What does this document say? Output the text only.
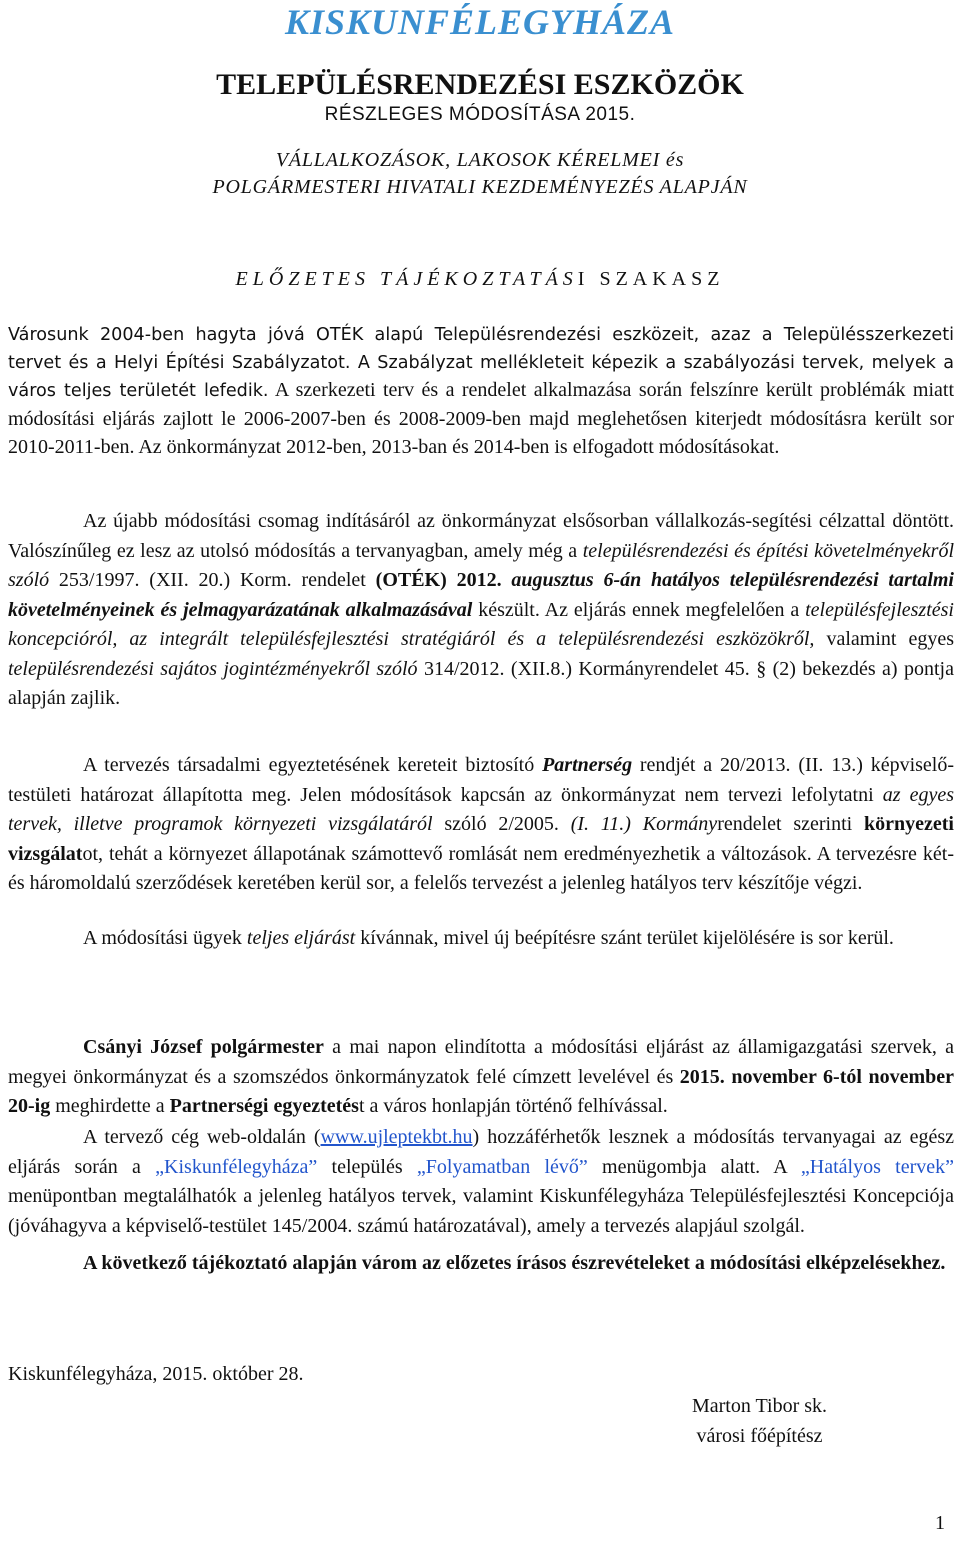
KISKUNFÉLEGYHÁZA
TELEPÜLÉSRENDEZÉSI ESZKÖZÖK
RÉSZLEGES MÓDOSÍTÁSA 2015.
VÁLLALKOZÁSOK, LAKOSOK KÉRELMEI és
POLGÁRMESTERI HIVATALI KEZDEMÉNYEZÉS ALAPJÁN
ELŐZETES TÁJÉKOZTATÁSI SZAKASZ
Városunk 2004-ben hagyta jóvá OTÉK alapú Településrendezési eszközeit, azaz a Településszerkezeti tervet és a Helyi Építési Szabályzatot. A Szabályzat mellékleteit képezik a szabályozási tervek, melyek a város teljes területét lefedik. A szerkezeti terv és a rendelet alkalmazása során felszínre került problémák miatt módosítási eljárás zajlott le 2006-2007-ben és 2008-2009-ben majd meglehetősen kiterjedt módosításra került sor 2010-2011-ben. Az önkormányzat 2012-ben, 2013-ban és 2014-ben is elfogadott módosításokat.
Az újabb módosítási csomag indításáról az önkormányzat elsősorban vállalkozás-segítési célzattal döntött. Valószínűleg ez lesz az utolsó módosítás a tervanyagban, amely még a településrendezési és építési követelményekről szóló 253/1997. (XII. 20.) Korm. rendelet (OTÉK) 2012. augusztus 6-án hatályos településrendezési tartalmi követelményeinek és jelmagyarázatának alkalmazásával készült. Az eljárás ennek megfelelően a településfejlesztési koncepcióról, az integrált településfejlesztési stratégiáról és a településrendezési eszközökről, valamint egyes településrendezési sajátos jogintézményekről szóló 314/2012. (XII.8.) Kormányrendelet 45. § (2) bekezdés a) pontja alapján zajlik.
A tervezés társadalmi egyeztetésének kereteit biztosító Partnerség rendjét a 20/2013. (II. 13.) képviselő-testületi határozat állapította meg. Jelen módosítások kapcsán az önkormányzat nem tervezi lefolytatni az egyes tervek, illetve programok környezeti vizsgálatáról szóló 2/2005. (I. 11.) Kormányrendelet szerinti környezeti vizsgálatot, tehát a környezet állapotának számottevő romlását nem eredményezhetik a változások. A tervezésre két- és háromoldalú szerződések keretében kerül sor, a felelős tervezést a jelenleg hatályos terv készítője végzi.
A módosítási ügyek teljes eljárást kívánnak, mivel új beépítésre szánt terület kijelölésére is sor kerül.
Csányi József polgármester a mai napon elindította a módosítási eljárást az államigazgatási szervek, a megyei önkormányzat és a szomszédos önkormányzatok felé címzett levelével és 2015. november 6-tól november 20-ig meghirdette a Partnerségi egyeztetést a város honlapján történő felhívással.
A tervező cég web-oldalán (www.ujleptekbt.hu) hozzáférhetők lesznek a módosítás tervanyagai az egész eljárás során a „Kiskunfélegyháza” település „Folyamatban lévő” menügombja alatt. A „Hatályos tervek” menüpontban megtalálhatók a jelenleg hatályos tervek, valamint Kiskunfélegyháza Településfejlesztési Koncepciója (jóváhagyva a képviselő-testület 145/2004. számú határozatával), amely a tervezés alapjául szolgál.
A következő tájékoztató alapján várom az előzetes írásos észrevételeket a módosítási elképzelésekhez.
Kiskunfélegyháza, 2015. október 28.
Marton Tibor sk.
városi főépítész
1
